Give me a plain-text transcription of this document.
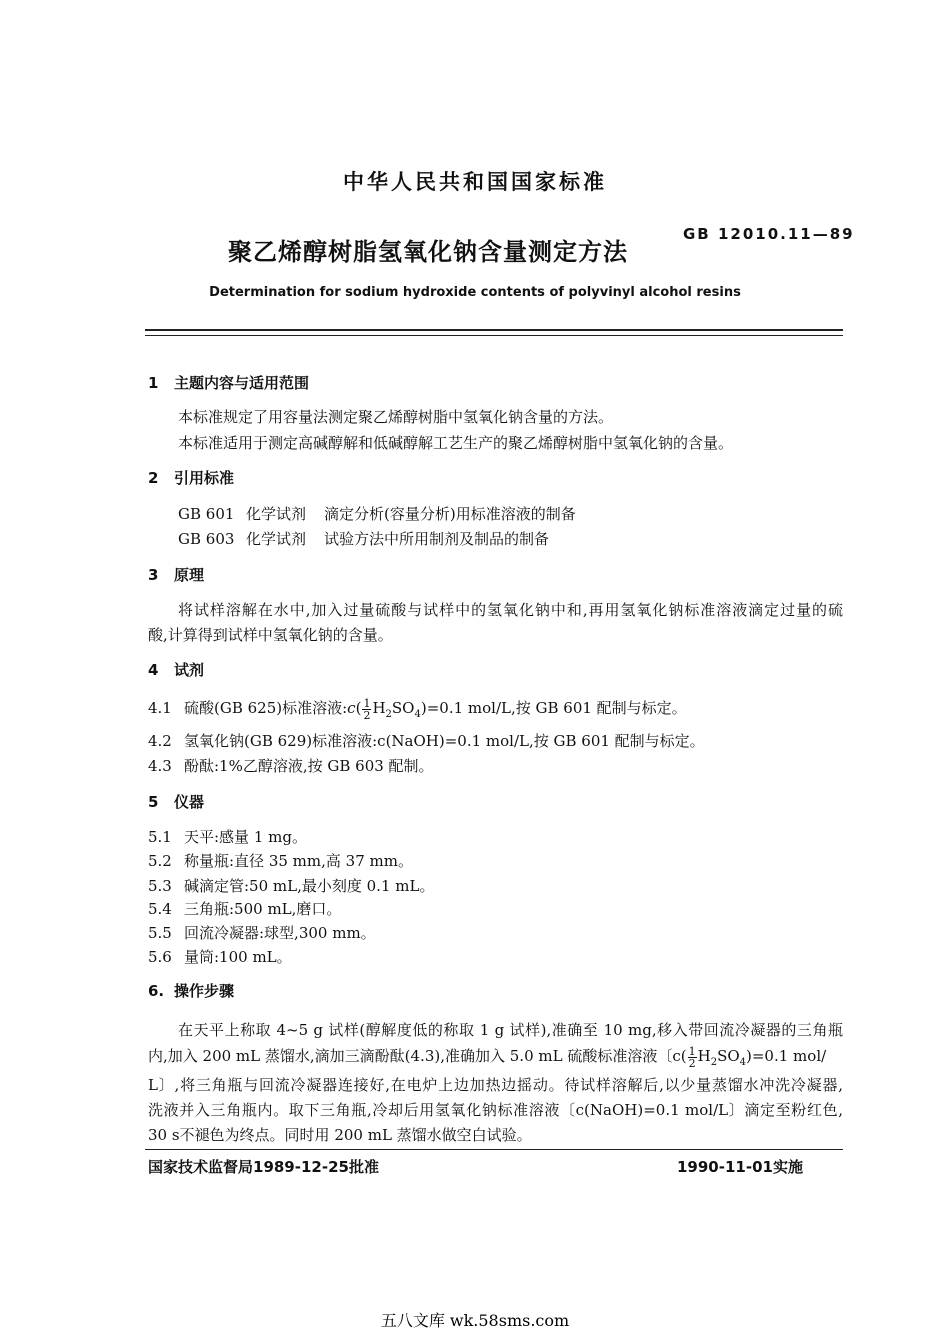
中华人民共和国国家标准
聚乙烯醇树脂氢氧化钠含量测定方法
GB 12010.11—89
Determination for sodium hydroxide contents of polyvinyl alcohol resins
1 主题内容与适用范围
本标准规定了用容量法测定聚乙烯醇树脂中氢氧化钠含量的方法。
本标准适用于测定高碱醇解和低碱醇解工艺生产的聚乙烯醇树脂中氢氧化钠的含量。
2 引用标准
GB 601 化学试剂 滴定分析(容量分析)用标准溶液的制备
GB 603 化学试剂 试验方法中所用制剂及制品的制备
3 原理
将试样溶解在水中,加入过量硫酸与试样中的氢氧化钠中和,再用氢氧化钠标准溶液滴定过量的硫
酸,计算得到试样中氢氧化钠的含量。
4 试剂
4.1 硫酸(GB 625)标准溶液:c( $\frac{1}{2} H_2SO_4)=0.1$ mol/L,按 GB 601 配制与标定。
4.2 氢氧化钠(GB 629)标准溶液:c(NaOH)=0.1 mol/L,按 GB 601 配制与标定。
4.3 酚酞:1%乙醇溶液,按 GB 603 配制。
5 仪器
5.1 天平:感量 1 mg。
5.2 称量瓶:直径 35 mm,高 37 mm。
5.3 碱滴定管:50 mL,最小刻度 0.1 mL。
5.4 三角瓶:500 mL,磨口。
5.5 回流冷凝器:球型,300 mm。
5.6 量筒:100 mL。
6. 操作步骤
在天平上称取 4~5 g 试样(醇解度低的称取 1 g 试样),准确至 10 mg,移入带回流冷凝器的三角瓶
内,加入 200 mL 蒸馏水,滴加三滴酚酞(4.3),准确加入 5.0 mL 硫酸标准溶液〔$c( \frac{1}{2} H_2SO_4)=0.1$ mol/
L〕,将三角瓶与回流冷凝器连接好,在电炉上边加热边摇动。待试样溶解后,以少量蒸馏水冲洗冷凝器,
洗液并入三角瓶内。取下三角瓶,冷却后用氢氧化钠标准溶液〔c(NaOH)=0.1 mol/L〕滴定至粉红色,
30 s不褪色为终点。同时用 200 mL 蒸馏水做空白试验。
国家技术监督局1989-12-25批准	1990-11-01实施
五八文库 wk.58sms.com
